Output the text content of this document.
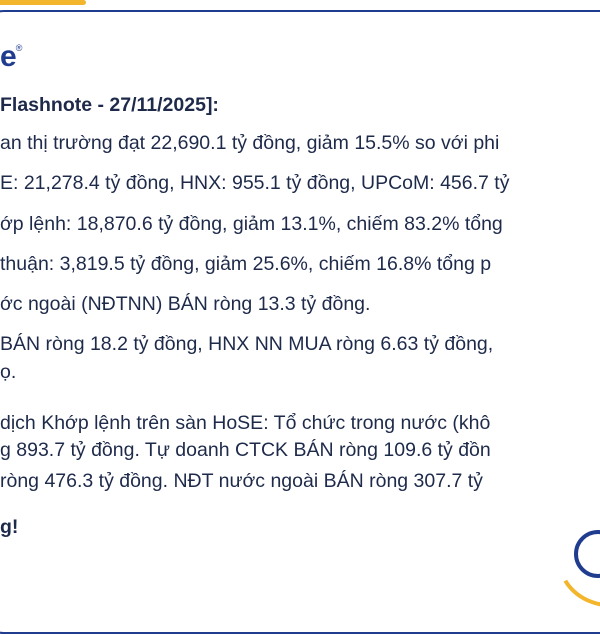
e®
Flashnote - 27/11/2025]:
an thị trường đạt 22,690.1 tỷ đồng, giảm 15.5% so với phi
E: 21,278.4 tỷ đồng, HNX: 955.1 tỷ đồng, UPCoM: 456.7 tỷ
ớp lệnh: 18,870.6 tỷ đồng, giảm 13.1%, chiếm 83.2% tổng
thuận: 3,819.5 tỷ đồng, giảm 25.6%, chiếm 16.8% tổng p
ớc ngoài (NĐTNN) BÁN ròng 13.3 tỷ đồng.
BÁN ròng 18.2 tỷ đồng, HNX NN MUA ròng 6.63 tỷ đồng,
ọ.
dịch Khớp lệnh trên sàn HoSE: Tổ chức trong nước (khô
g 893.7 tỷ đồng. Tự doanh CTCK BÁN ròng 109.6 tỷ đồn
ròng 476.3 tỷ đồng. NĐT nước ngoài BÁN ròng 307.7 tỷ
g!
